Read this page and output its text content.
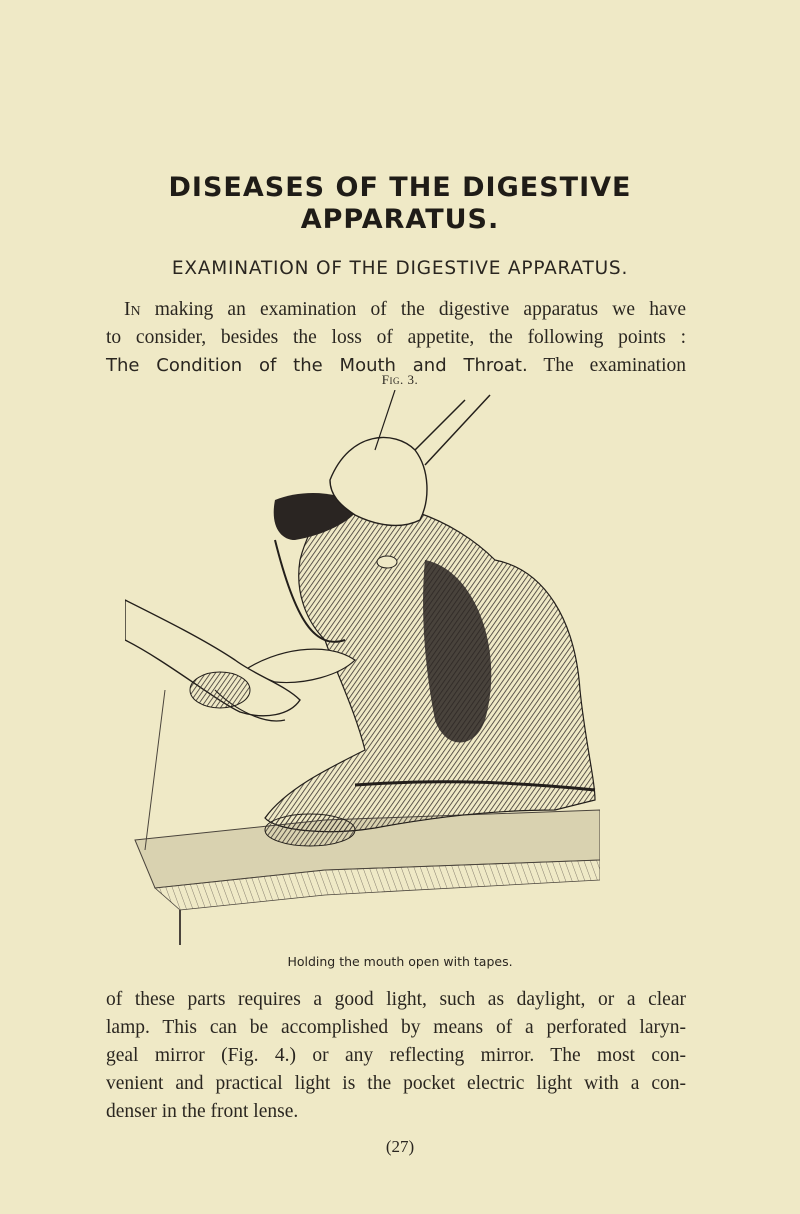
DISEASES OF THE DIGESTIVE
APPARATUS.
EXAMINATION OF THE DIGESTIVE APPARATUS.
In making an examination of the digestive apparatus we have
to consider, besides the loss of appetite, the following points :
The Condition of the Mouth and Throat. The examination
Fig. 3.
Holding the mouth open with tapes.
of these parts requires a good light, such as daylight, or a clear
lamp. This can be accomplished by means of a perforated laryn-
geal mirror (Fig. 4.) or any reflecting mirror. The most con-
venient and practical light is the pocket electric light with a con-
denser in the front lense.
(27)
